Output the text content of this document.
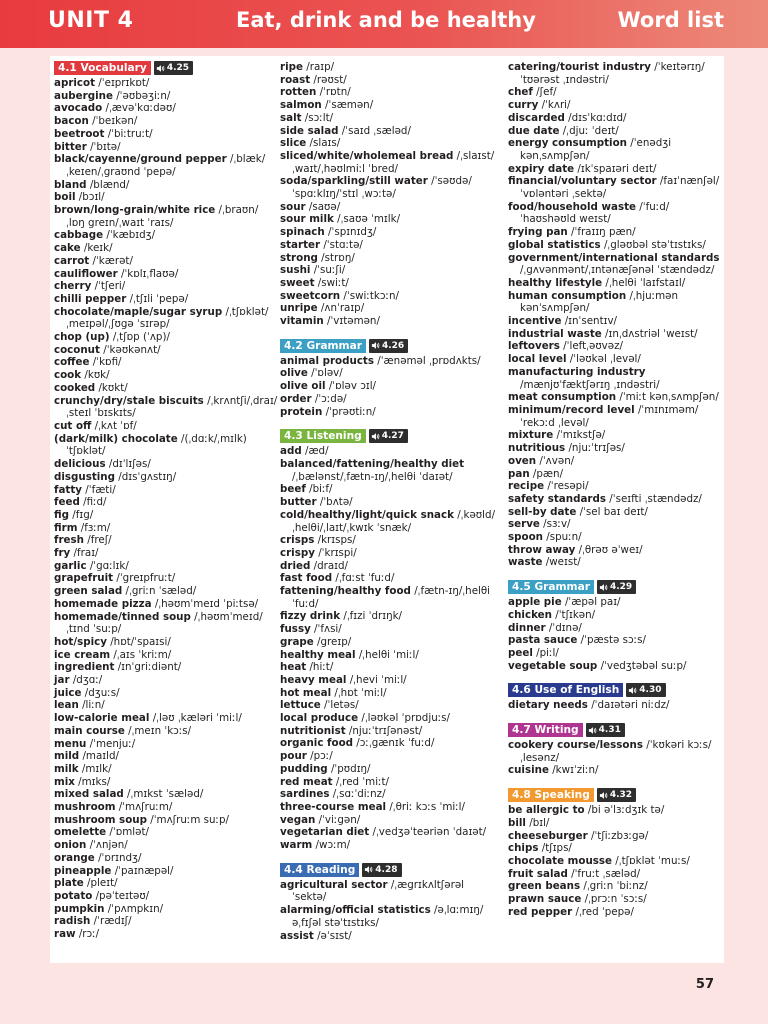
UNIT 4	Eat, drink and be healthy	Word list
4.1 Vocabulary	4.25
apricot /ˈeɪprɪkɒt/
aubergine /ˈəʊbəʒiːn/
avocado /ˌævəˈkɑːdəʊ/
bacon /ˈbeɪkən/
beetroot /ˈbiːtruːt/
bitter /ˈbɪtə/
black/cayenne/ground pepper /ˌblæk/
ˌkeɪen/ˌgraʊnd ˈpepə/
bland /blænd/
boil /bɔɪl/
brown/long-grain/white rice /ˌbraʊn/
ˌlɒŋ greɪn/ˌwaɪt ˈraɪs/
cabbage /ˈkæbɪdʒ/
cake /keɪk/
carrot /ˈkærət/
cauliflower /ˈkɒlɪˌflaʊə/
cherry /ˈtʃeri/
chilli pepper /ˌtʃɪli ˈpepə/
chocolate/maple/sugar syrup /ˌtʃɒklət/
ˌmeɪpəl/ˌʃʊgə ˈsɪrəp/
chop (up) /ˌtʃɒp (ˈʌp)/
coconut /ˈkəʊkənʌt/
coffee /ˈkɒfi/
cook /kʊk/
cooked /kʊkt/
crunchy/dry/stale biscuits /ˌkrʌntʃi/ˌdraɪ/
ˌsteɪl ˈbɪskɪts/
cut off /ˌkʌt ˈɒf/
(dark/milk) chocolate /(ˌdɑːk/ˌmɪlk)
ˈtʃɒklət/
delicious /dɪˈlɪʃəs/
disgusting /dɪsˈgʌstɪŋ/
fatty /ˈfæti/
feed /fiːd/
fig /fɪg/
firm /fɜːm/
fresh /freʃ/
fry /fraɪ/
garlic /ˈgɑːlɪk/
grapefruit /ˈgreɪpfruːt/
green salad /ˌgriːn ˈsæləd/
homemade pizza /ˌhəʊmˈmeɪd ˈpiːtsə/
homemade/tinned soup /ˌhəʊmˈmeɪd/
ˌtɪnd ˈsuːp/
hot/spicy /hɒt/ˈspaɪsi/
ice cream /ˌaɪs ˈkriːm/
ingredient /ɪnˈgriːdiənt/
jar /dʒɑː/
juice /dʒuːs/
lean /liːn/
low-calorie meal /ˌləʊ ˌkæləri ˈmiːl/
main course /ˌmeɪn ˈkɔːs/
menu /ˈmenjuː/
mild /maɪld/
milk /mɪlk/
mix /mɪks/
mixed salad /ˌmɪkst ˈsæləd/
mushroom /ˈmʌʃruːm/
mushroom soup /ˈmʌʃruːm suːp/
omelette /ˈɒmlət/
onion /ˈʌnjən/
orange /ˈɒrɪndʒ/
pineapple /ˈpaɪnæpəl/
plate /pleɪt/
potato /pəˈteɪtəʊ/
pumpkin /ˈpʌmpkɪn/
radish /ˈrædɪʃ/
raw /rɔː/
ripe /raɪp/
roast /rəʊst/
rotten /ˈrɒtn/
salmon /ˈsæmən/
salt /sɔːlt/
side salad /ˈsaɪd ˌsæləd/
slice /slaɪs/
sliced/white/wholemeal bread /ˌslaɪst/
ˌwaɪt/ˌhəʊlmiːl ˈbred/
soda/sparkling/still water /ˈsəʊdə/
ˈspɑːklɪŋ/ˈstɪl ˌwɔːtə/
sour /saʊə/
sour milk /ˌsaʊə ˈmɪlk/
spinach /ˈspɪnɪdʒ/
starter /ˈstɑːtə/
strong /strɒŋ/
sushi /ˈsuːʃi/
sweet /swiːt/
sweetcorn /ˈswiːtkɔːn/
unripe /ʌnˈraɪp/
vitamin /ˈvɪtəmən/
4.2 Grammar	4.26
animal products /ˈænəməl ˌprɒdʌkts/
olive /ˈɒləv/
olive oil /ˈɒləv ɔɪl/
order /ˈɔːdə/
protein /ˈprəʊtiːn/
4.3 Listening	4.27
add /æd/
balanced/fattening/healthy diet
/ˌbælənst/ˌfætn-ɪŋ/ˌhelθi ˈdaɪət/
beef /biːf/
butter /ˈbʌtə/
cold/healthy/light/quick snack /ˌkəʊld/
ˌhelθi/ˌlaɪt/ˌkwɪk ˈsnæk/
crisps /krɪsps/
crispy /ˈkrɪspi/
dried /draɪd/
fast food /ˌfɑːst ˈfuːd/
fattening/healthy food /ˌfætn-ɪŋ/ˌhelθi
ˈfuːd/
fizzy drink /ˌfɪzi ˈdrɪŋk/
fussy /ˈfʌsi/
grape /greɪp/
healthy meal /ˌhelθi ˈmiːl/
heat /hiːt/
heavy meal /ˌhevi ˈmiːl/
hot meal /ˌhɒt ˈmiːl/
lettuce /ˈletəs/
local produce /ˌləʊkəl ˈprɒdjuːs/
nutritionist /njuːˈtrɪʃənəst/
organic food /ɔːˌgænɪk ˈfuːd/
pour /pɔː/
pudding /ˈpʊdɪŋ/
red meat /ˌred ˈmiːt/
sardines /ˌsɑːˈdiːnz/
three-course meal /ˌθriː kɔːs ˈmiːl/
vegan /ˈviːgən/
vegetarian diet /ˌvedʒəˈteəriən ˈdaɪət/
warm /wɔːm/
4.4 Reading	4.28
agricultural sector /ˌægrɪkʌltʃərəl
ˈsektə/
alarming/official statistics /əˌlɑːmɪŋ/
əˌfɪʃəl stəˈtɪstɪks/
assist /əˈsɪst/
catering/tourist industry /ˈkeɪtərɪŋ/
ˈtʊərəst ˌɪndəstri/
chef /ʃef/
curry /ˈkʌri/
discarded /dɪsˈkɑːdɪd/
due date /ˌdjuː ˈdeɪt/
energy consumption /ˈenədʒi
kənˌsʌmpʃən/
expiry date /ɪkˈspaɪəri deɪt/
financial/voluntary sector /faɪˈnænʃəl/
ˈvɒləntəri ˌsektə/
food/household waste /ˈfuːd/
ˈhaʊshəʊld weɪst/
frying pan /ˈfraɪɪŋ pæn/
global statistics /ˌgləʊbəl stəˈtɪstɪks/
government/international standards
/ˌgʌvənmənt/ˌɪntənæʃənəl ˈstændədz/
healthy lifestyle /ˌhelθi ˈlaɪfstaɪl/
human consumption /ˌhjuːmən
kənˈsʌmpʃən/
incentive /ɪnˈsentɪv/
industrial waste /ɪnˌdʌstriəl ˈweɪst/
leftovers /ˈleftˌəʊvəz/
local level /ˈləʊkəl ˌlevəl/
manufacturing industry
/mænjʊˈfæktʃərɪŋ ˌɪndəstri/
meat consumption /ˈmiːt kənˌsʌmpʃən/
minimum/record level /ˈmɪnɪməm/
ˈrekɔːd ˌlevəl/
mixture /ˈmɪkstʃə/
nutritious /njuːˈtrɪʃəs/
oven /ˈʌvən/
pan /pæn/
recipe /ˈresəpi/
safety standards /ˈseɪfti ˌstændədz/
sell-by date /ˈsel baɪ deɪt/
serve /sɜːv/
spoon /spuːn/
throw away /ˌθrəʊ əˈweɪ/
waste /weɪst/
4.5 Grammar	4.29
apple pie /ˈæpəl paɪ/
chicken /ˈtʃɪkən/
dinner /ˈdɪnə/
pasta sauce /ˈpæstə sɔːs/
peel /piːl/
vegetable soup /ˈvedʒtəbəl suːp/
4.6 Use of English	4.30
dietary needs /ˈdaɪətəri niːdz/
4.7 Writing	4.31
cookery course/lessons /ˈkʊkəri kɔːs/
ˌlesənz/
cuisine /kwɪˈziːn/
4.8 Speaking	4.32
be allergic to /bi əˈlɜːdʒɪk tə/
bill /bɪl/
cheeseburger /ˈtʃiːzbɜːgə/
chips /tʃɪps/
chocolate mousse /ˌtʃɒklət ˈmuːs/
fruit salad /ˈfruːt ˌsæləd/
green beans /ˌgriːn ˈbiːnz/
prawn sauce /ˌprɔːn ˈsɔːs/
red pepper /ˌred ˈpepə/
57
